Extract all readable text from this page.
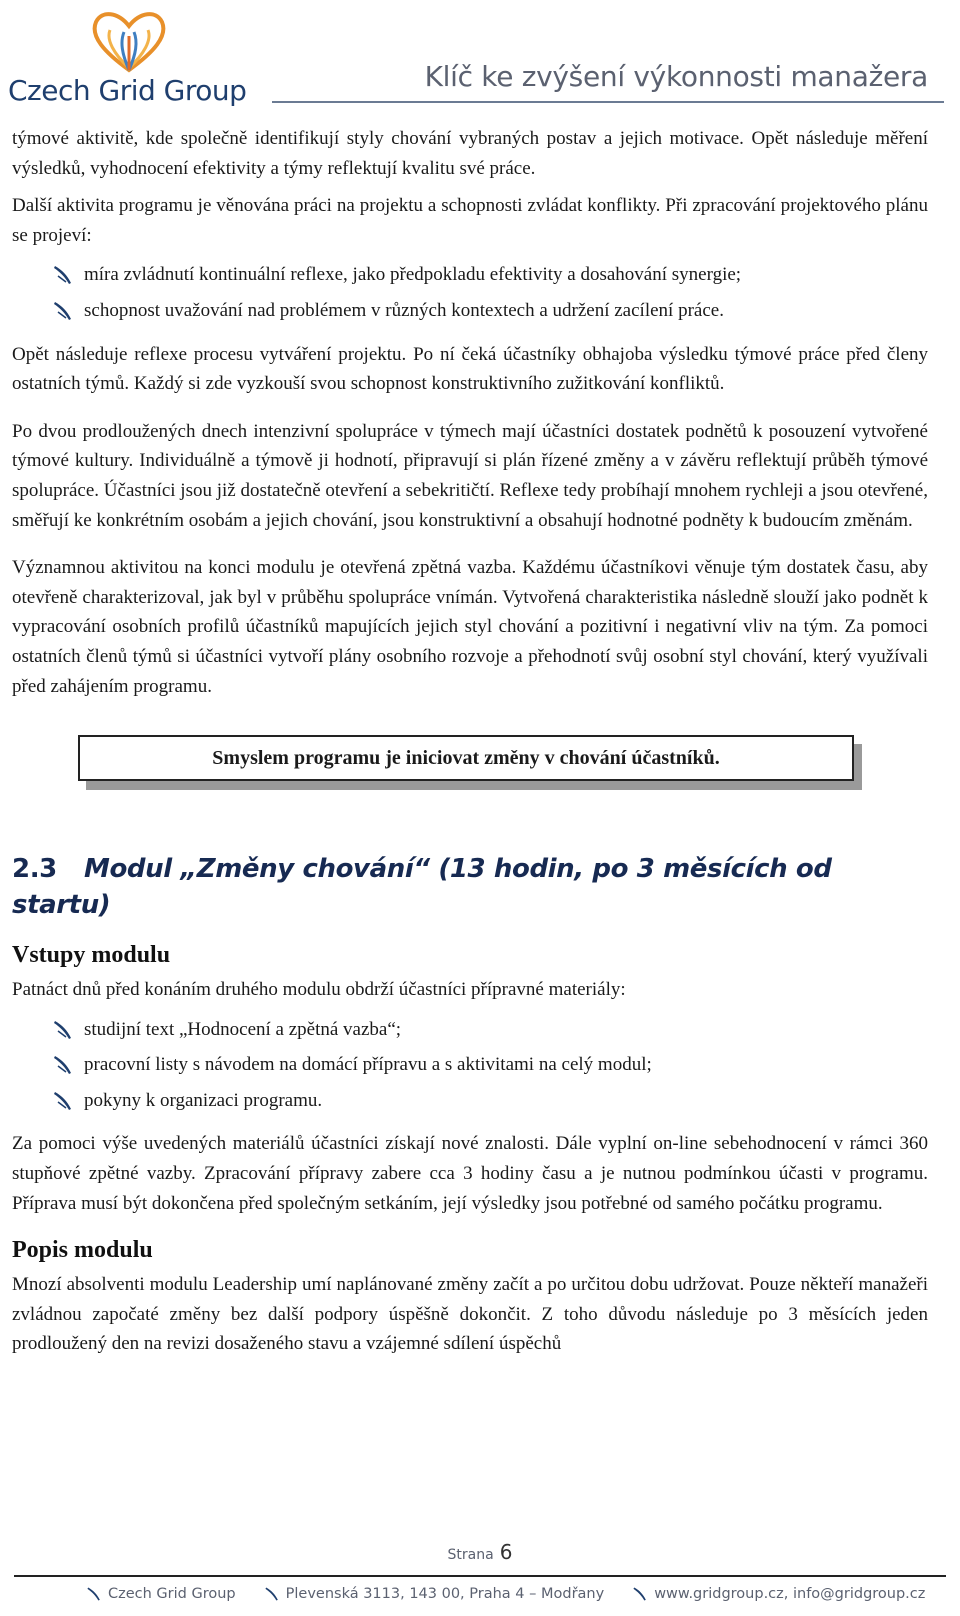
Czech Grid Group	Klíč ke zvýšení výkonnosti manažera

týmové aktivitě, kde společně identifikují styly chování vybraných postav a jejich motivace. Opět následuje měření výsledků, vyhodnocení efektivity a týmy reflektují kvalitu své práce.

Další aktivita programu je věnována práci na projektu a schopnosti zvládat konflikty. Při zpracování projektového plánu se projeví:

míra zvládnutí kontinuální reflexe, jako předpokladu efektivity a dosahování synergie;
schopnost uvažování nad problémem v různých kontextech a udržení zacílení práce.

Opět následuje reflexe procesu vytváření projektu. Po ní čeká účastníky obhajoba výsledku týmové práce před členy ostatních týmů. Každý si zde vyzkouší svou schopnost konstruktivního zužitkování konfliktů.

Po dvou prodloužených dnech intenzivní spolupráce v týmech mají účastníci dostatek podnětů k posouzení vytvořené týmové kultury. Individuálně a týmově ji hodnotí, připravují si plán řízené změny a v závěru reflektují průběh týmové spolupráce. Účastníci jsou již dostatečně otevření a sebekritičtí. Reflexe tedy probíhají mnohem rychleji a jsou otevřené, směřují ke konkrétním osobám a jejich chování, jsou konstruktivní a obsahují hodnotné podněty k budoucím změnám.

Významnou aktivitou na konci modulu je otevřená zpětná vazba. Každému účastníkovi věnuje tým dostatek času, aby otevřeně charakterizoval, jak byl v průběhu spolupráce vnímán. Vytvořená charakteristika následně slouží jako podnět k vypracování osobních profilů účastníků mapujících jejich styl chování a pozitivní i negativní vliv na tým. Za pomoci ostatních členů týmů si účastníci vytvoří plány osobního rozvoje a přehodnotí svůj osobní styl chování, který využívali před zahájením programu.

Smyslem programu je iniciovat změny v chování účastníků.
2.3 Modul „Změny chování“ (13 hodin, po 3 měsících od startu)
Vstupy modulu

Patnáct dnů před konáním druhého modulu obdrží účastníci přípravné materiály:

studijní text „Hodnocení a zpětná vazba“;
pracovní listy s návodem na domácí přípravu a s aktivitami na celý modul;
pokyny k organizaci programu.

Za pomoci výše uvedených materiálů účastníci získají nové znalosti. Dále vyplní on-line sebehodnocení v rámci 360 stupňové zpětné vazby. Zpracování přípravy zabere cca 3 hodiny času a je nutnou podmínkou účasti v programu. Příprava musí být dokončena před společným setkáním, její výsledky jsou potřebné od samého počátku programu.

Popis modulu

Mnozí absolventi modulu Leadership umí naplánované změny začít a po určitou dobu udržovat. Pouze někteří manažeři zvládnou započaté změny bez další podpory úspěšně dokončit. Z toho důvodu následuje po 3 měsících jeden prodloužený den na revizi dosaženého stavu a vzájemné sdílení úspěchů

Strana 6
Czech Grid Group	Plevenská 3113, 143 00, Praha 4 – Modřany	www.gridgroup.cz, info@gridgroup.cz
